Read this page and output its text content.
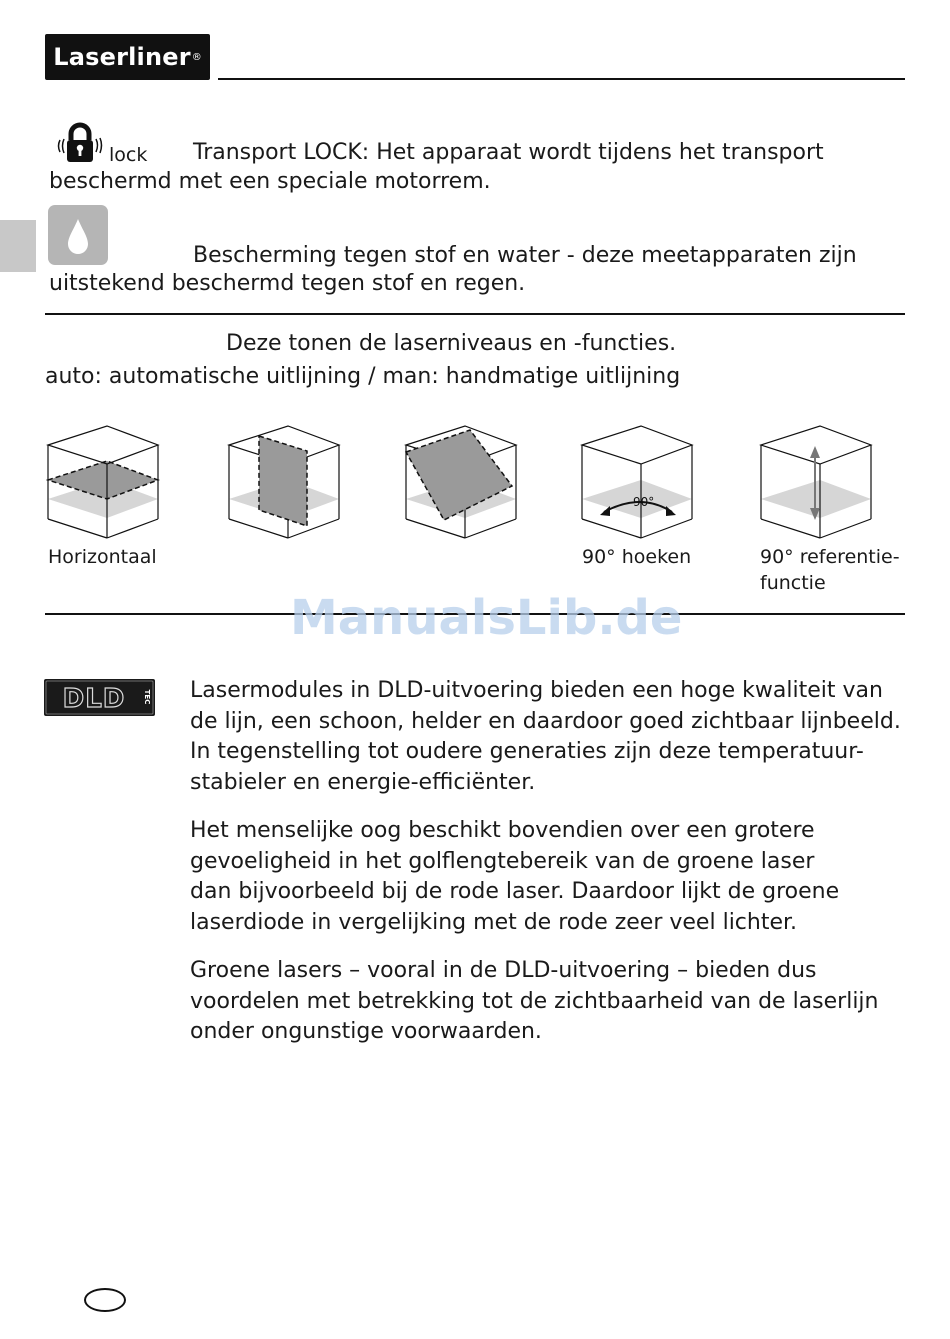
Laserliner ®
lock Transport LOCK: Het apparaat wordt tijdens het transport
beschermd met een speciale motorrem.
Bescherming tegen stof en water - deze meetapparaten zijn
uitstekend beschermd tegen stof en regen.
Deze tonen de laserniveaus en -functies.
auto: automatische uitlijning / man: handmatige uitlijning
Horizontaal
90°
90° hoeken	90° referentie-
functie
ManualsLib.de
DLD	TEC Lasermodules in DLD-uitvoering bieden een hoge kwaliteit van

de lijn, een schoon, helder en daardoor goed zichtbaar lijnbeeld.

In tegenstelling tot oudere generaties zijn deze temperatuur-

stabieler en energie-efficiënter.

Het menselijke oog beschikt bovendien over een grotere

gevoeligheid in het golflengtebereik van de groene laser

dan bijvoorbeeld bij de rode laser. Daardoor lijkt de groene

laserdiode in vergelijking met de rode zeer veel lichter.

Groene lasers – vooral in de DLD-uitvoering – bieden dus

voordelen met betrekking tot de zichtbaarheid van de laserlijn

onder ongunstige voorwaarden.
